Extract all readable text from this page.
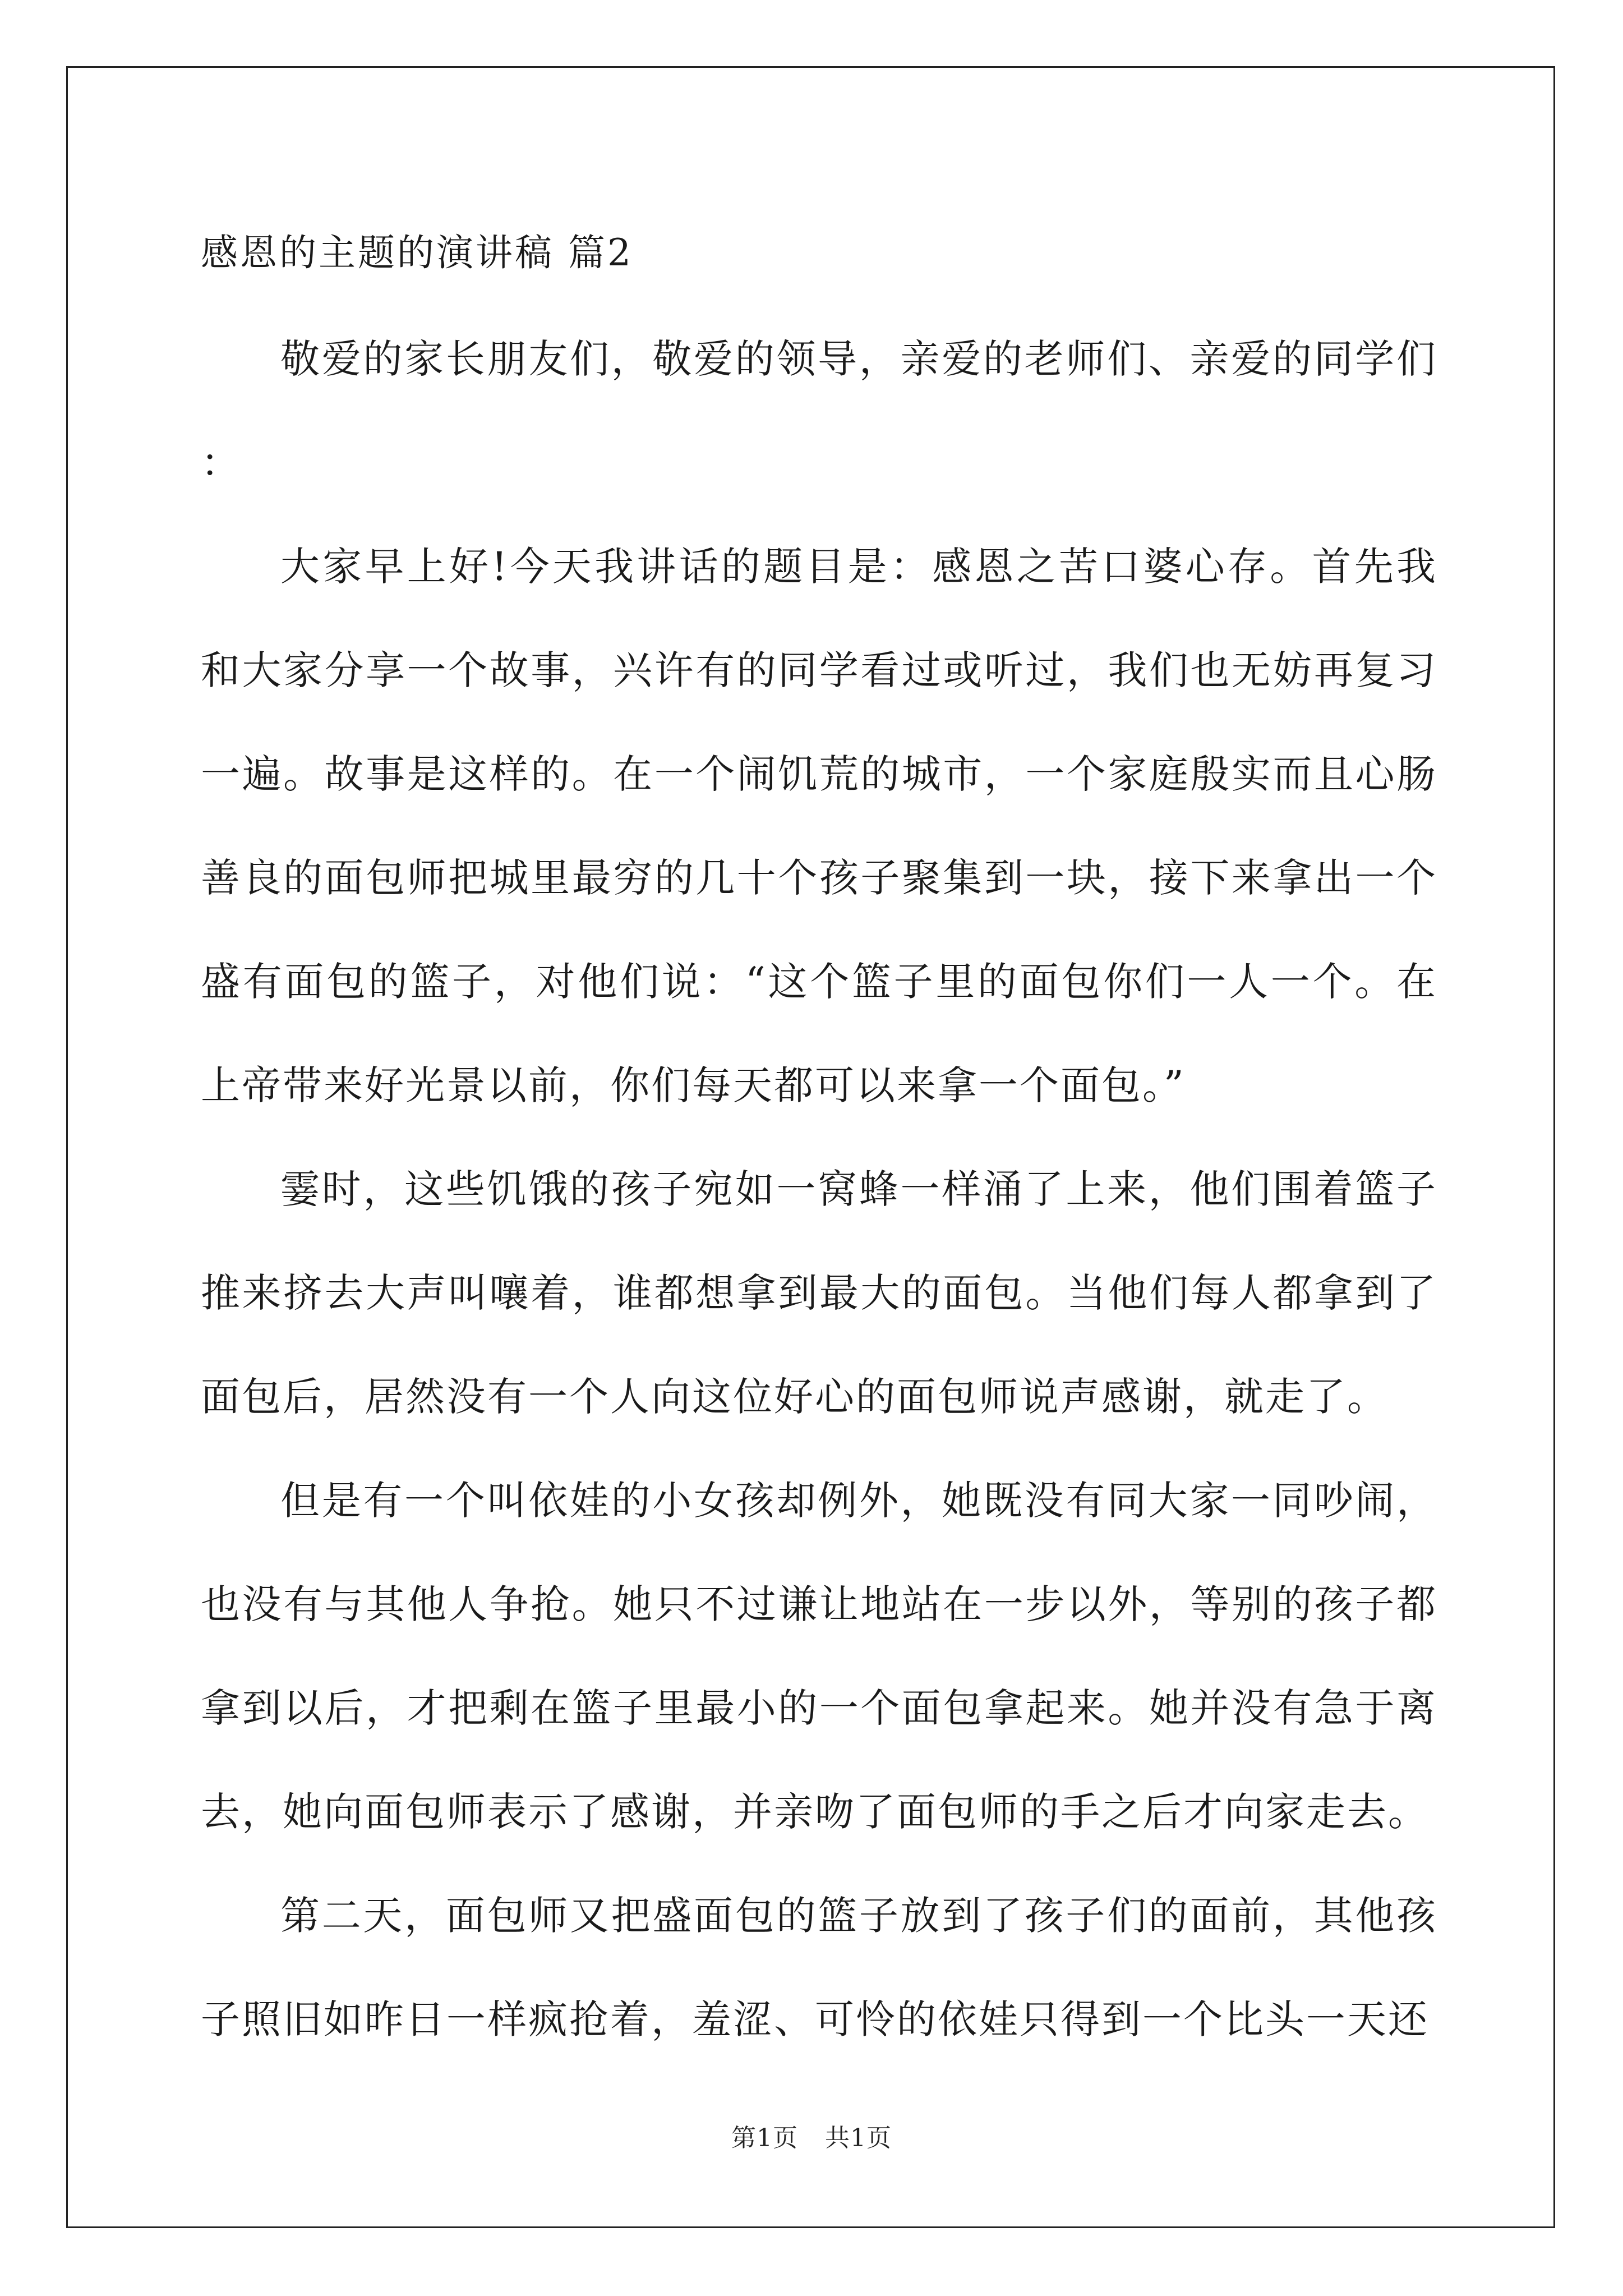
感恩的主题的演讲稿 篇2

敬爱的家长朋友们，敬爱的领导，亲爱的老师们、亲爱的同学们：

大家早上好!今天我讲话的题目是：感恩之苦口婆心存。首先我和大家分享一个故事，兴许有的同学看过或听过，我们也无妨再复习一遍。故事是这样的。在一个闹饥荒的城市，一个家庭殷实而且心肠善良的面包师把城里最穷的几十个孩子聚集到一块，接下来拿出一个盛有面包的篮子，对他们说：“这个篮子里的面包你们一人一个。在上帝带来好光景以前，你们每天都可以来拿一个面包。”

霎时，这些饥饿的孩子宛如一窝蜂一样涌了上来，他们围着篮子推来挤去大声叫嚷着，谁都想拿到最大的面包。当他们每人都拿到了面包后，居然没有一个人向这位好心的面包师说声感谢，就走了。

但是有一个叫依娃的小女孩却例外，她既没有同大家一同吵闹，也没有与其他人争抢。她只不过谦让地站在一步以外，等别的孩子都拿到以后，才把剩在篮子里最小的一个面包拿起来。她并没有急于离去，她向面包师表示了感谢，并亲吻了面包师的手之后才向家走去。

第二天，面包师又把盛面包的篮子放到了孩子们的面前，其他孩子照旧如昨日一样疯抢着，羞涩、可怜的依娃只得到一个比头一天还

第1页 共1页
